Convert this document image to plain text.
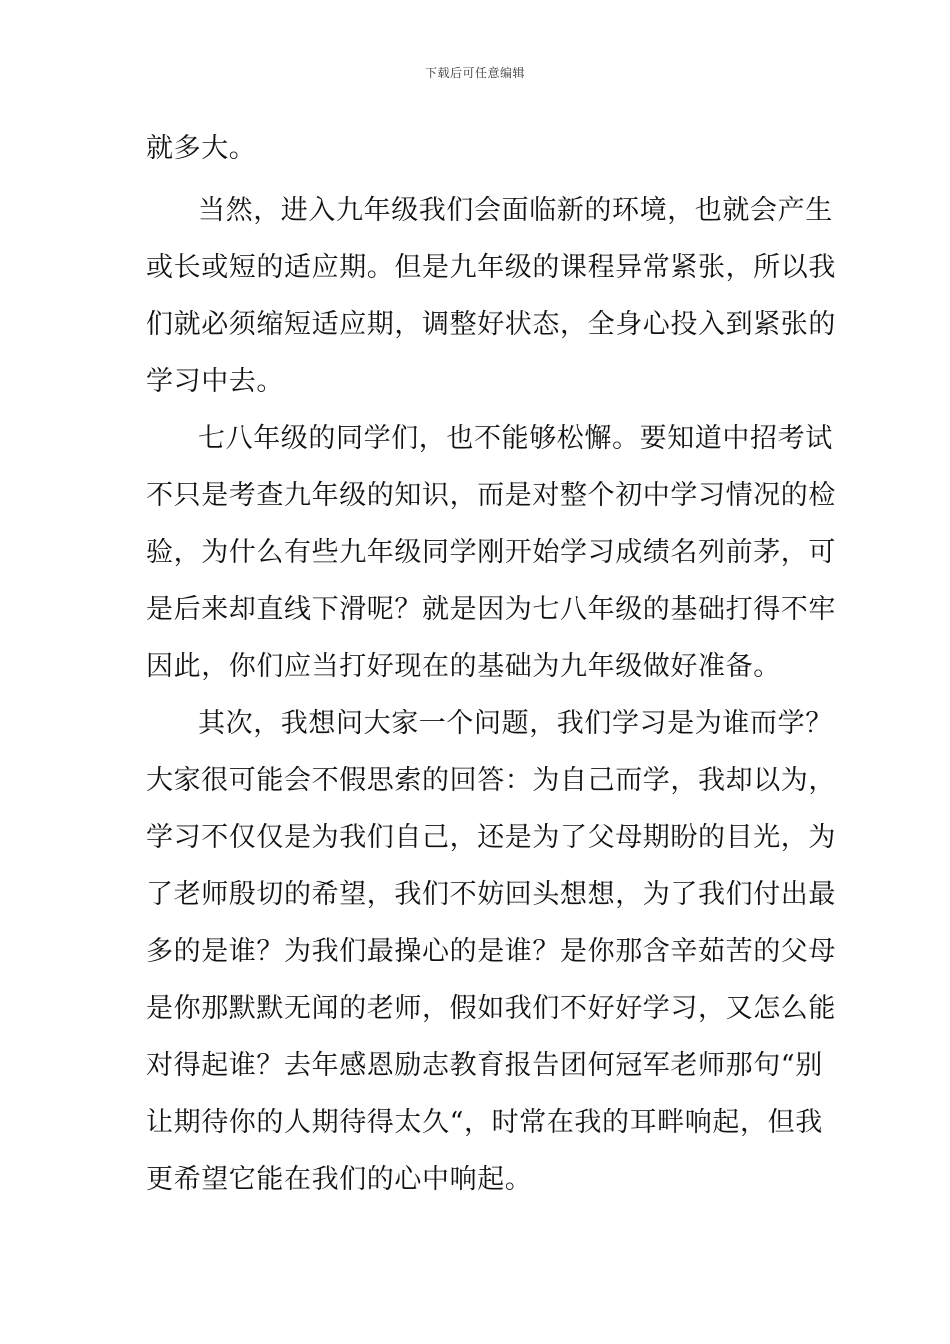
下载后可任意编辑
就多大。
当然，进入九年级我们会面临新的环境，也就会产生
或长或短的适应期。但是九年级的课程异常紧张，所以我
们就必须缩短适应期，调整好状态，全身心投入到紧张的
学习中去。
七八年级的同学们，也不能够松懈。要知道中招考试
不只是考查九年级的知识，而是对整个初中学习情况的检
验，为什么有些九年级同学刚开始学习成绩名列前茅，可
是后来却直线下滑呢？就是因为七八年级的基础打得不牢
因此，你们应当打好现在的基础为九年级做好准备。
其次，我想问大家一个问题，我们学习是为谁而学？
大家很可能会不假思索的回答：为自己而学，我却以为，
学习不仅仅是为我们自己，还是为了父母期盼的目光，为
了老师殷切的希望，我们不妨回头想想，为了我们付出最
多的是谁？为我们最操心的是谁？是你那含辛茹苦的父母
是你那默默无闻的老师，假如我们不好好学习，又怎么能
对得起谁？去年感恩励志教育报告团何冠军老师那句“别
让期待你的人期待得太久“，时常在我的耳畔响起，但我
更希望它能在我们的心中响起。
